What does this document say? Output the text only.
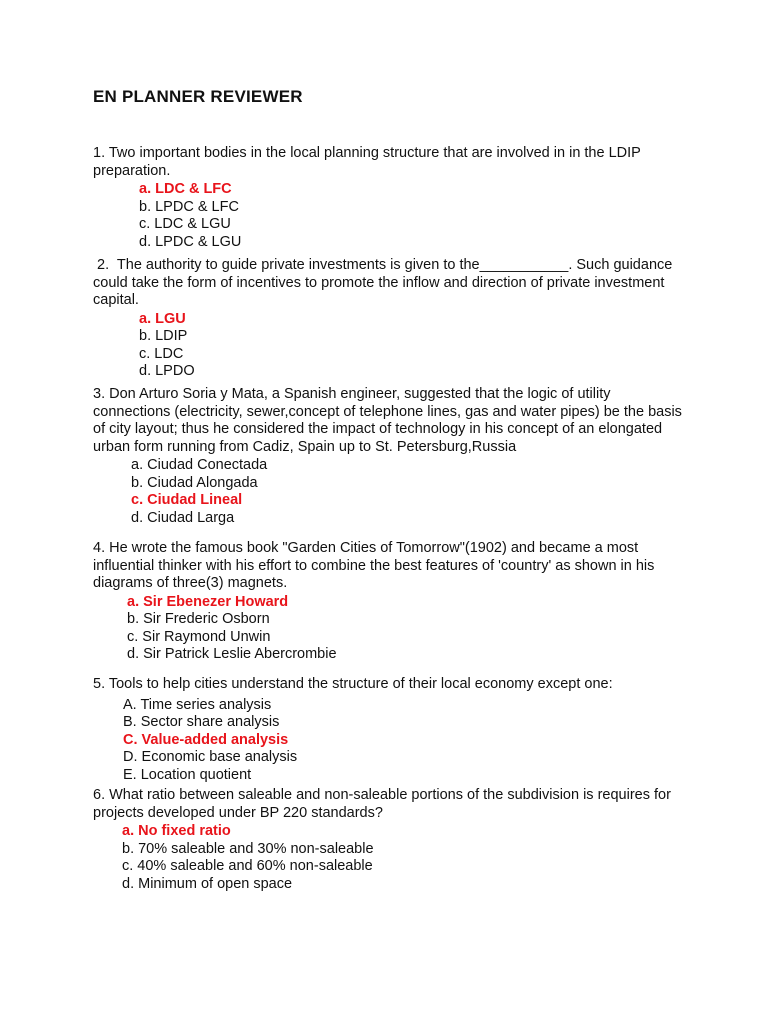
EN PLANNER REVIEWER

1. Two important bodies in the local planning structure that are involved in in the LDIP preparation.

a. LDC & LFC
b. LPDC & LFC
c. LDC & LGU
d. LPDC & LGU

2.  The authority to guide private investments is given to the___________. Such guidance could take the form of incentives to promote the inflow and direction of private investment capital.

a. LGU
b. LDIP
c. LDC
d. LPDO

3. Don Arturo Soria y Mata, a Spanish engineer, suggested that the logic of utility connections (electricity, sewer,concept of telephone lines, gas and water pipes) be the basis of city layout; thus he considered the impact of technology in his concept of an elongated urban form running from Cadiz, Spain up to St. Petersburg,Russia

a. Ciudad Conectada
b. Ciudad Alongada
c. Ciudad Lineal
d. Ciudad Larga

4. He wrote the famous book "Garden Cities of Tomorrow"(1902) and became a most influential thinker with his effort to combine the best features of 'country' as shown in his diagrams of three(3) magnets.

a. Sir Ebenezer Howard
b. Sir Frederic Osborn
c. Sir Raymond Unwin
d. Sir Patrick Leslie Abercrombie

5. Tools to help cities understand the structure of their local economy except one:

A. Time series analysis
B. Sector share analysis
C. Value-added analysis
D. Economic base analysis
E. Location quotient

6. What ratio between saleable and non-saleable portions of the subdivision is requires for projects developed under BP 220 standards?

a. No fixed ratio
b. 70% saleable and 30% non-saleable
c. 40% saleable and 60% non-saleable
d. Minimum of open space
